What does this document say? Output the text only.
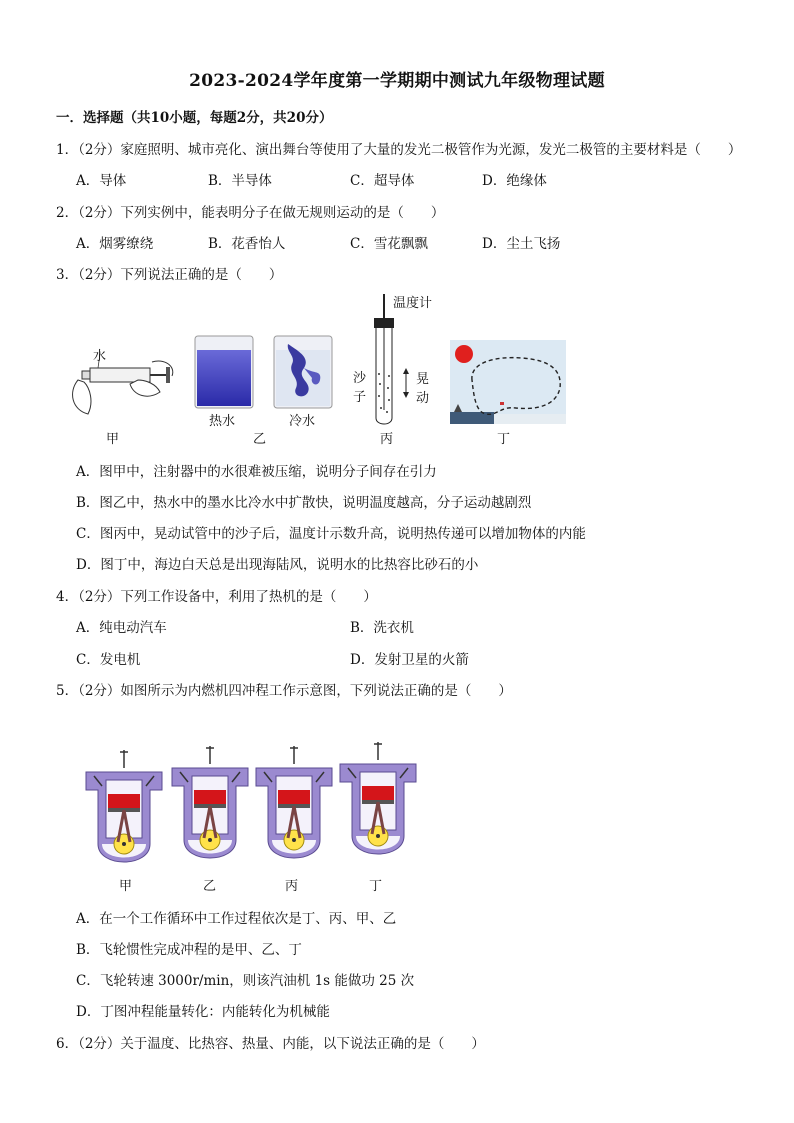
2023-2024学年度第一学期期中测试九年级物理试题
一．选择题（共10小题，每题2分，共20分）
1．（2分）家庭照明、城市亮化、演出舞台等使用了大量的发光二极管作为光源，发光二极管的主要材料是（　　）
A．导体	B．半导体	C．超导体	D．绝缘体
2．（2分）下列实例中，能表明分子在做无规则运动的是（　　）
A．烟雾缭绕	B．花香怡人	C．雪花飘飘	D．尘土飞扬
3．（2分）下列说法正确的是（　　）
水
甲
热水	冷水
乙
温度计
沙
子
晃
动
丙	丁
A．图甲中，注射器中的水很难被压缩，说明分子间存在引力
B．图乙中，热水中的墨水比冷水中扩散快，说明温度越高，分子运动越剧烈
C．图丙中，晃动试管中的沙子后，温度计示数升高，说明热传递可以增加物体的内能
D．图丁中，海边白天总是出现海陆风，说明水的比热容比砂石的小
4．（2分）下列工作设备中，利用了热机的是（　　）
A．纯电动汽车	B．洗衣机
C．发电机	D．发射卫星的火箭
5．（2分）如图所示为内燃机四冲程工作示意图，下列说法正确的是（　　）
甲	乙	丙	丁
A．在一个工作循环中工作过程依次是丁、丙、甲、乙
B．飞轮惯性完成冲程的是甲、乙、丁
C．飞轮转速 3000r/min，则该汽油机 1s 能做功 25 次
D．丁图冲程能量转化：内能转化为机械能
6．（2分）关于温度、比热容、热量、内能，以下说法正确的是（　　）
